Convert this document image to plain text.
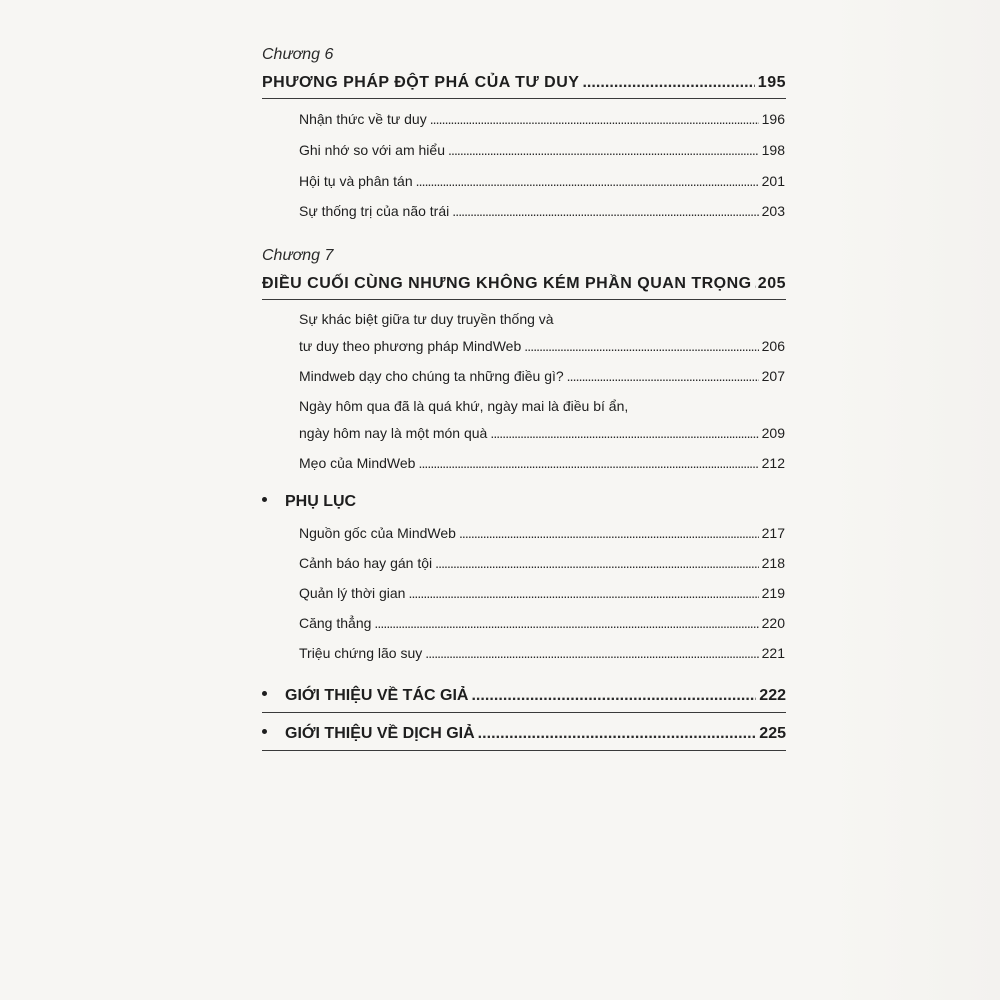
Chương 6
PHƯƠNG PHÁP ĐỘT PHÁ CỦA TƯ DUY . . .	195
Nhận thức về tư duy . . .	196
Ghi nhớ so với am hiểu . . .	198
Hội tụ và phân tán . . .	201
Sự thống trị của não trái . . .	203
Chương 7
ĐIỀU CUỐI CÙNG NHƯNG KHÔNG KÉM PHẦN QUAN TRỌNG . . . 205
Sự khác biệt giữa tư duy truyền thống và
tư duy theo phương pháp MindWeb . . .	206
Mindweb dạy cho chúng ta những điều gì? . . .	207
Ngày hôm qua đã là quá khứ, ngày mai là điều bí ẩn,
ngày hôm nay là một món quà . . .	209
Mẹo của MindWeb . . .	212
PHỤ LỤC
Nguồn gốc của MindWeb . . .	217
Cảnh báo hay gán tội . . .	218
Quản lý thời gian . . .	219
Căng thẳng . . .	220
Triệu chứng lão suy . . .	221
GIỚI THIỆU VỀ TÁC GIẢ . . .	222
GIỚI THIỆU VỀ DỊCH GIẢ . . .	225
